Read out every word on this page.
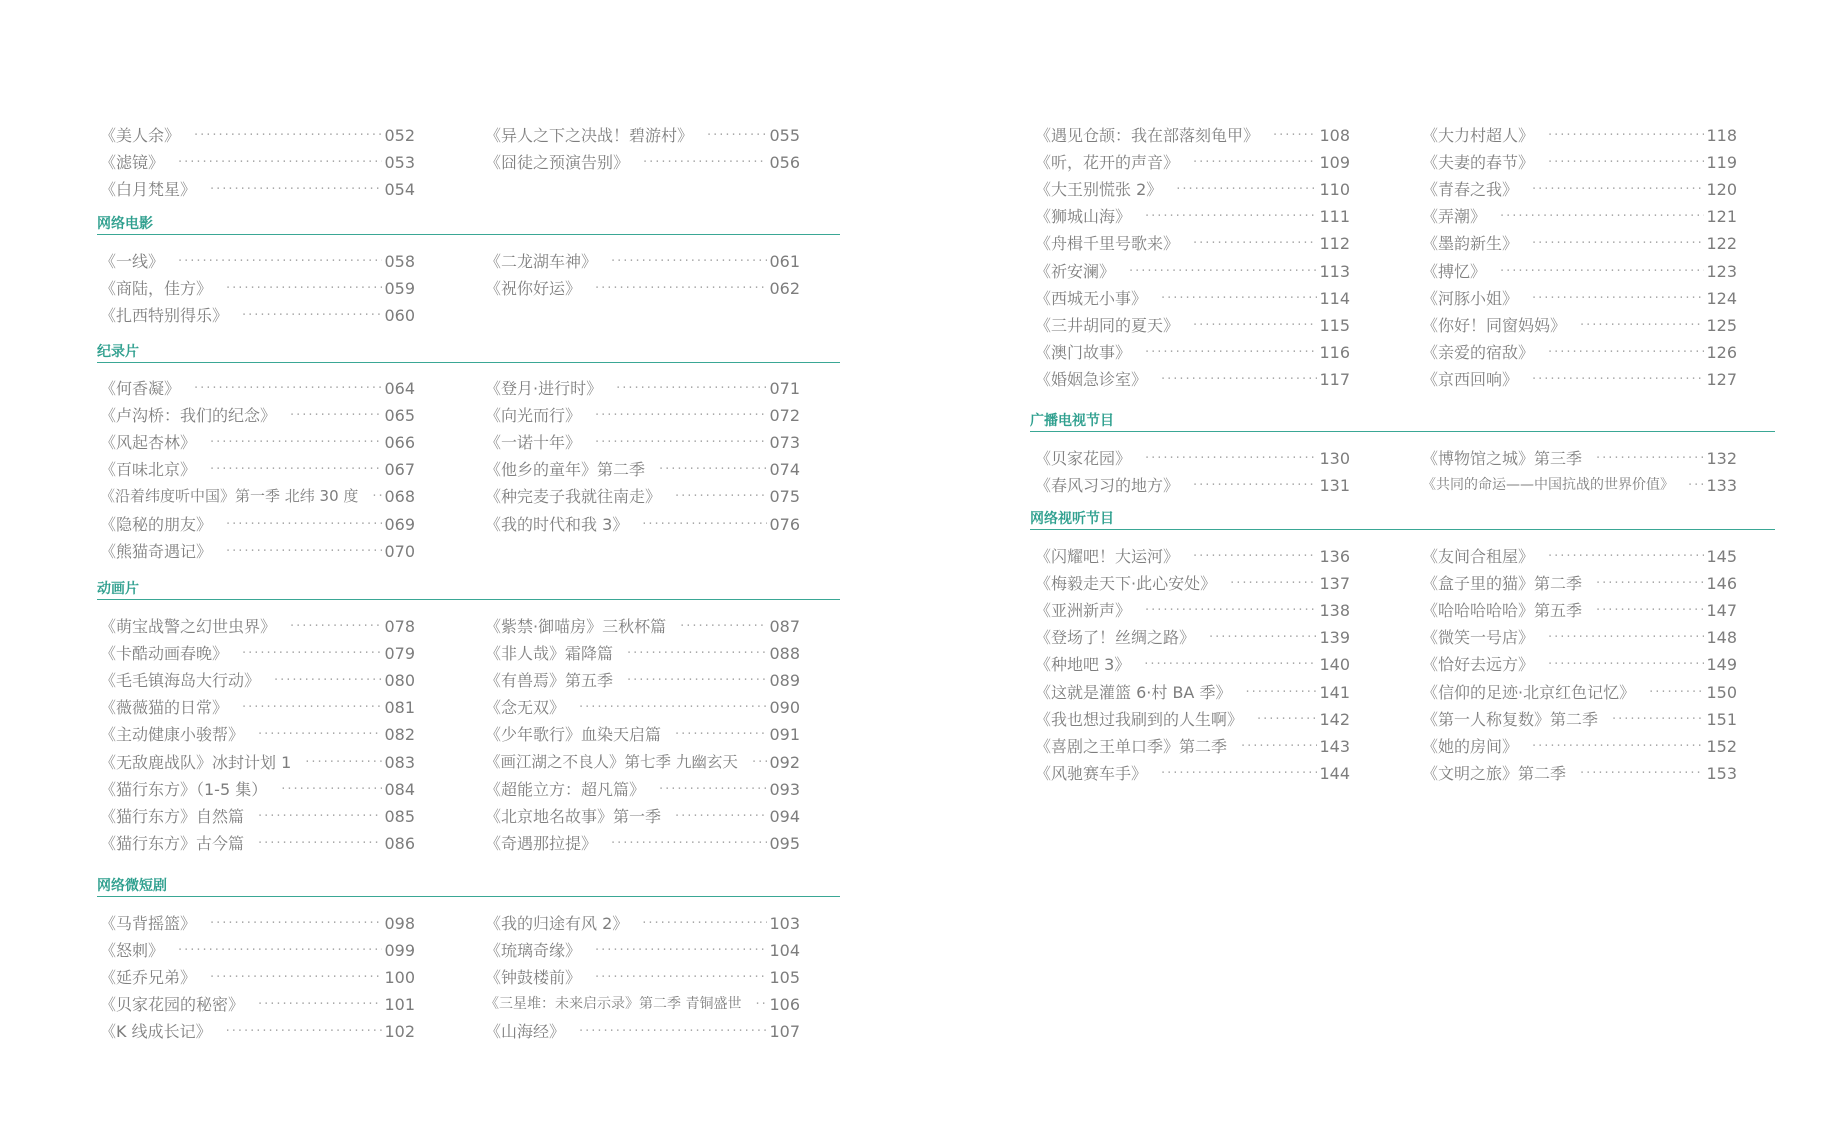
《美人余》 ·····	052
《滤镜》 ·····	053
《白月梵星》 ·····	054
《异人之下之决战！碧游村》 ·····	055
《囧徒之预演告别》 ·····	056
网络电影
《一线》 ·····	058
《商陆，佳方》 ·····	059
《扎西特别得乐》 ·····	060
《二龙湖车神》 ·····	061
《祝你好运》 ·····	062
纪录片
《何香凝》 ·····	064
《卢沟桥：我们的纪念》 ·····	065
《风起杏林》 ·····	066
《百味北京》 ·····	067
《沿着纬度听中国》第一季 北纬 30 度 ····· 068
《隐秘的朋友》 ·····	069
《熊猫奇遇记》 ·····	070
《登月·进行时》 ·····	071
《向光而行》 ·····	072
《一诺十年》 ·····	073
《他乡的童年》第二季 ·····	074
《种完麦子我就往南走》 ·····	075
《我的时代和我 3》 ·····	076
动画片
《萌宝战警之幻世虫界》 ·····	078
《卡酷动画春晚》 ·····	079
《毛毛镇海岛大行动》 ·····	080
《薇薇猫的日常》 ·····	081
《主动健康小骏帮》 ·····	082
《无敌鹿战队》冰封计划 1 ·····	083
《猫行东方》（1-5 集） ·····	084
《猫行东方》自然篇 ·····	085
《猫行东方》古今篇 ·····	086
《紫禁·御喵房》三秋杯篇 ·····	087
《非人哉》霜降篇 ·····	088
《有兽焉》第五季 ·····	089
《念无双》 ·····	090
《少年歌行》血染天启篇 ·····	091
《画江湖之不良人》第七季 九幽玄天 ····· 092
《超能立方：超凡篇》 ·····	093
《北京地名故事》第一季 ·····	094
《奇遇那拉提》 ·····	095
网络微短剧
《马背摇篮》 ·····	098
《怒刺》 ·····	099
《延乔兄弟》 ·····	100
《贝家花园的秘密》 ·····	101
《K 线成长记》 ·····	102
《我的归途有风 2》 ·····	103
《琉璃奇缘》 ·····	104
《钟鼓楼前》 ·····	105
《三星堆：未来启示录》第二季 青铜盛世 ····· 106
《山海经》 ·····	107
《遇见仓颉：我在部落刻龟甲》 ·····	108
《听，花开的声音》 ·····	109
《大王别慌张 2》 ·····	110
《狮城山海》 ·····	111
《舟楫千里号歌来》 ·····	112
《祈安澜》 ·····	113
《西城无小事》 ·····	114
《三井胡同的夏天》 ·····	115
《澳门故事》 ·····	116
《婚姻急诊室》 ·····	117
《大力村超人》 ·····	118
《夫妻的春节》 ·····	119
《青春之我》 ·····	120
《弄潮》 ·····	121
《墨韵新生》 ·····	122
《搏忆》 ·····	123
《河豚小姐》 ·····	124
《你好！同窗妈妈》 ·····	125
《亲爱的宿敌》 ·····	126
《京西回响》 ·····	127
广播电视节目
《贝家花园》 ·····	130
《春风习习的地方》 ·····	131
《博物馆之城》第三季 ·····	132
《共同的命运——中国抗战的世界价值》 ····· 133
网络视听节目
《闪耀吧！大运河》 ·····	136
《梅毅走天下·此心安处》 ·····	137
《亚洲新声》 ·····	138
《登场了！丝绸之路》 ·····	139
《种地吧 3》 ·····	140
《这就是灌篮 6·村 BA 季》 ·····	141
《我也想过我刷到的人生啊》 ·····	142
《喜剧之王单口季》第二季 ·····	143
《风驰赛车手》 ·····	144
《友间合租屋》 ·····	145
《盒子里的猫》第二季 ·····	146
《哈哈哈哈哈》第五季 ·····	147
《微笑一号店》 ·····	148
《恰好去远方》 ·····	149
《信仰的足迹·北京红色记忆》 ·····	150
《第一人称复数》第二季 ·····	151
《她的房间》 ·····	152
《文明之旅》第二季 ·····	153
